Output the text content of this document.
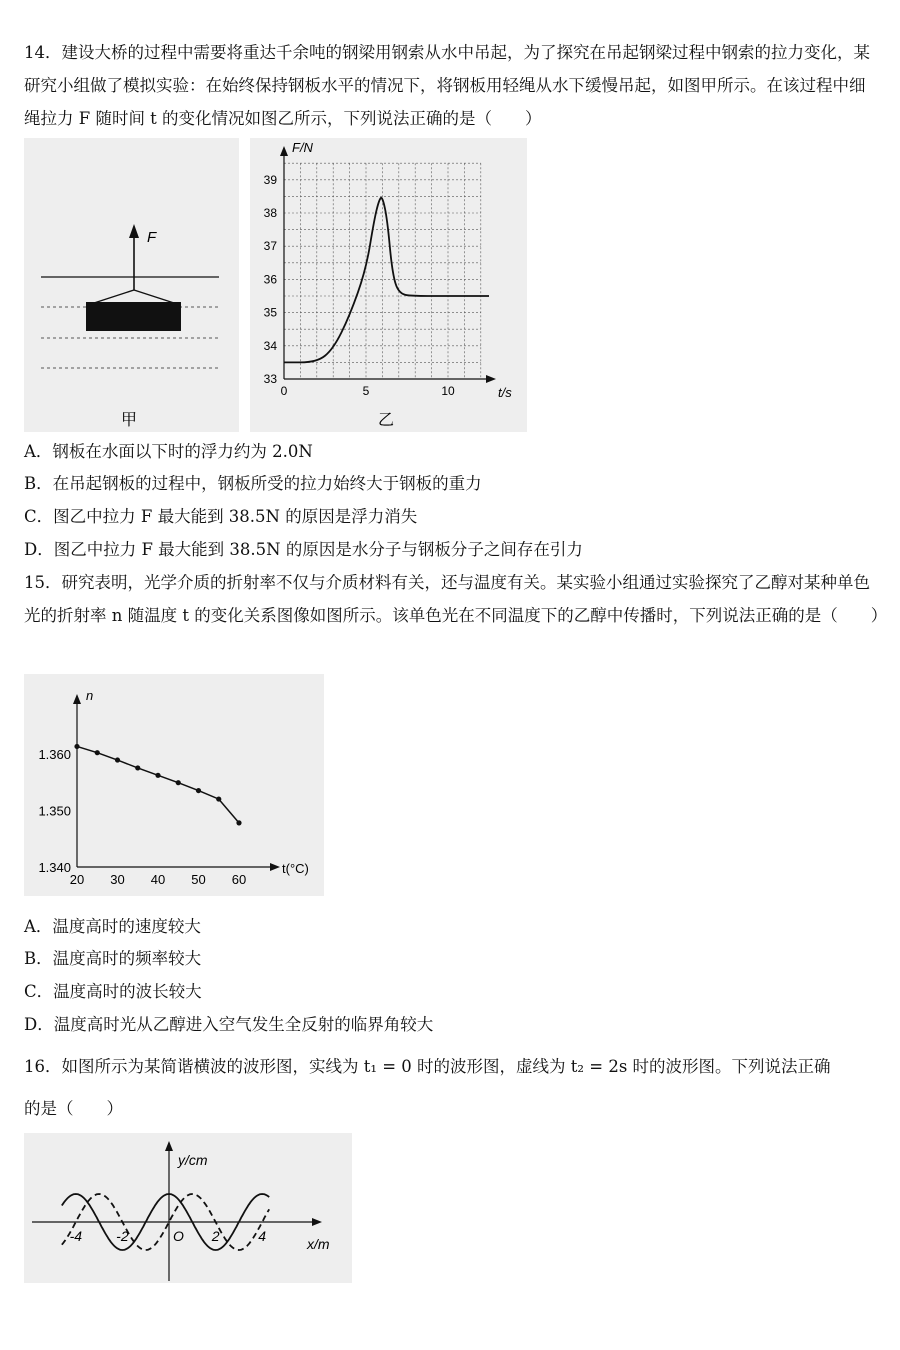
14．建设大桥的过程中需要将重达千余吨的钢梁用钢索从水中吊起，为了探究在吊起钢梁过程中钢索的拉力变化，某研究小组做了模拟实验：在始终保持钢板水平的情况下，将钢板用轻绳从水下缓慢吊起，如图甲所示。在该过程中细绳拉力 F 随时间 t 的变化情况如图乙所示，下列说法正确的是（　　）
F
甲
33
34
35
36
37
38
39
0	5	10
F/N
t/s
乙
A．钢板在水面以下时的浮力约为 2.0N
B．在吊起钢板的过程中，钢板所受的拉力始终大于钢板的重力
C．图乙中拉力 F 最大能到 38.5N 的原因是浮力消失
D．图乙中拉力 F 最大能到 38.5N 的原因是水分子与钢板分子之间存在引力
15．研究表明，光学介质的折射率不仅与介质材料有关，还与温度有关。某实验小组通过实验探究了乙醇对某种单色光的折射率 n 随温度 t 的变化关系图像如图所示。该单色光在不同温度下的乙醇中传播时，下列说法正确的是（　　）
1.340
1.350
1.360
20 30 40 50 60
n
t(°C)
A．温度高时的速度较大
B．温度高时的频率较大
C．温度高时的波长较大
D．温度高时光从乙醇进入空气发生全反射的临界角较大
16．如图所示为某简谐横波的波形图，实线为 t₁ = 0 时的波形图，虚线为 t₂ = 2s 时的波形图。下列说法正确
的是（　　）
-4 -2	2	4
y/cm
x/m
O
